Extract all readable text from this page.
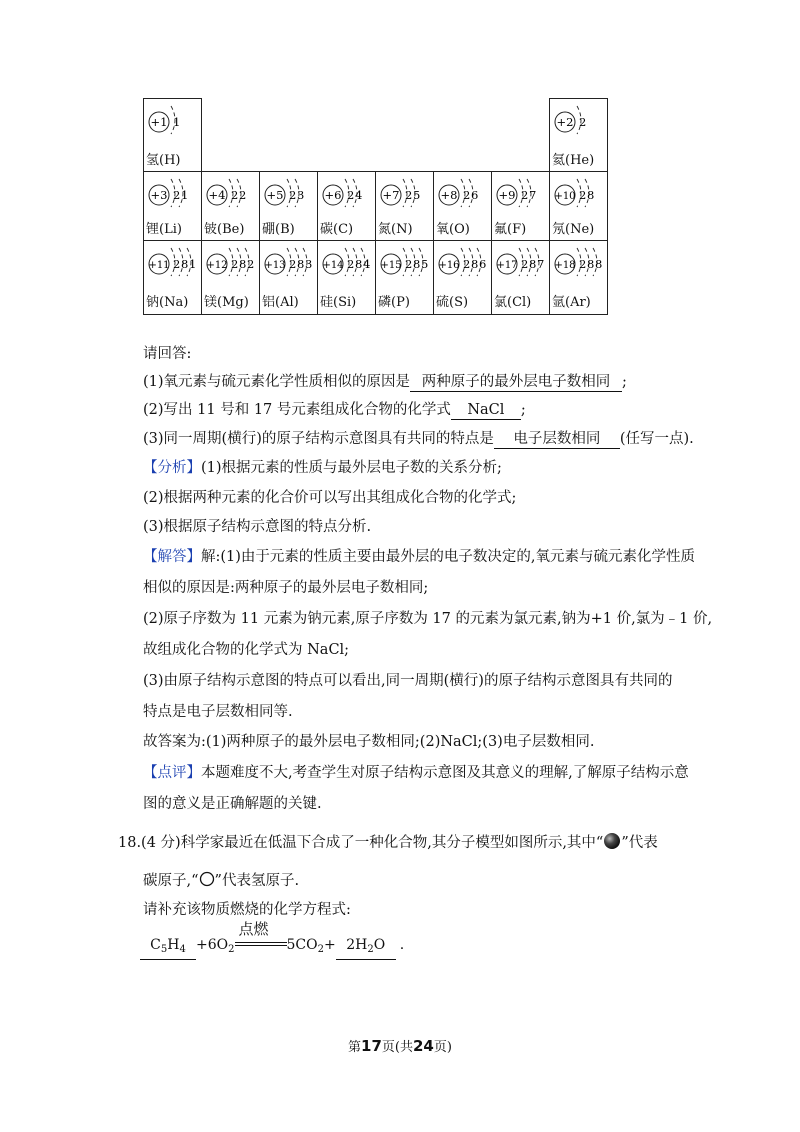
+1 1
氢(H)
+2 2
氦(He)
+3 2 1
锂(Li)
+4 2 2
铍(Be)
+5 2 3
硼(B)
+6 2 4
碳(C)
+7 2 5
氮(N)
+8 2 6
氧(O)
+9 2 7
氟(F)
+10 2 8
氖(Ne)
+11 2 8 1
钠(Na)
+12 2 8 2
镁(Mg)
+13 2 8 3
铝(Al)
+14 2 8 4
硅(Si)
+15 2 8 5
磷(P)
+16 2 8 6
硫(S)
+17 2 8 7
氯(Cl)
+18 2 8 8
氩(Ar)
请回答:
(1)氧元素与硫元素化学性质相似的原因是 两种原子的最外层电子数相同 ;
(2)写出 11 号和 17 号元素组成化合物的化学式 NaCl ;
(3)同一周期(横行)的原子结构示意图具有共同的特点是 电子层数相同 (任写一点).
【分析】(1)根据元素的性质与最外层电子数的关系分析;
(2)根据两种元素的化合价可以写出其组成化合物的化学式;
(3)根据原子结构示意图的特点分析.
【解答】解:(1)由于元素的性质主要由最外层的电子数决定的,氧元素与硫元素化学性质
相似的原因是:两种原子的最外层电子数相同;
(2)原子序数为 11 元素为钠元素,原子序数为 17 的元素为氯元素,钠为+1 价,氯为﹣1 价,
故组成化合物的化学式为 NaCl;
(3)由原子结构示意图的特点可以看出,同一周期(横行)的原子结构示意图具有共同的
特点是电子层数相同等.
故答案为:(1)两种原子的最外层电子数相同;(2)NaCl;(3)电子层数相同.
【点评】本题难度不大,考查学生对原子结构示意图及其意义的理解,了解原子结构示意
图的意义是正确解题的关键.
18.(4 分)科学家最近在低温下合成了一种化合物,其分子模型如图所示,其中“ ”代表
碳原子,“ ”代表氢原子.
请补充该物质燃烧的化学方程式:
$C_5H_4 +6O_2$
点燃
$5CO_2+ 2H_2O$ .
第17页(共24页)
